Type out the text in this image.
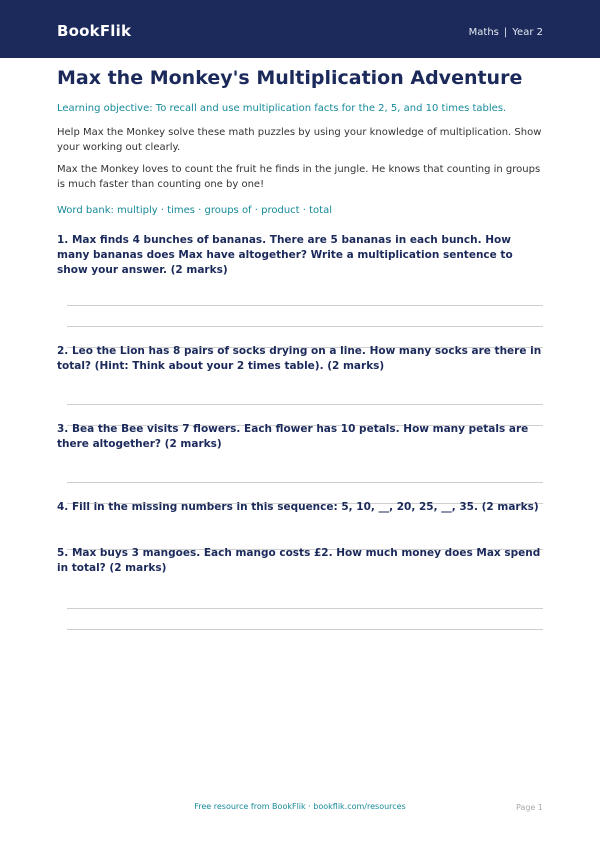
BookFlik	Maths | Year 2
Max the Monkey's Multiplication Adventure

Learning objective: To recall and use multiplication facts for the 2, 5, and 10 times tables.

Help Max the Monkey solve these math puzzles by using your knowledge of multiplication. Show your working out clearly.

Max the Monkey loves to count the fruit he finds in the jungle. He knows that counting in groups is much faster than counting one by one!

Word bank: multiply · times · groups of · product · total

1. Max finds 4 bunches of bananas. There are 5 bananas in each bunch. How many bananas does Max have altogether? Write a multiplication sentence to show your answer. (2 marks)
2. Leo the Lion has 8 pairs of socks drying on a line. How many socks are there in total? (Hint: Think about your 2 times table). (2 marks)
3. Bea the Bee visits 7 flowers. Each flower has 10 petals. How many petals are there altogether? (2 marks)
4. Fill in the missing numbers in this sequence: 5, 10, __, 20, 25, __, 35. (2 marks)
5. Max buys 3 mangoes. Each mango costs £2. How much money does Max spend in total? (2 marks)
Free resource from BookFlik · bookflik.com/resources	Page 1
